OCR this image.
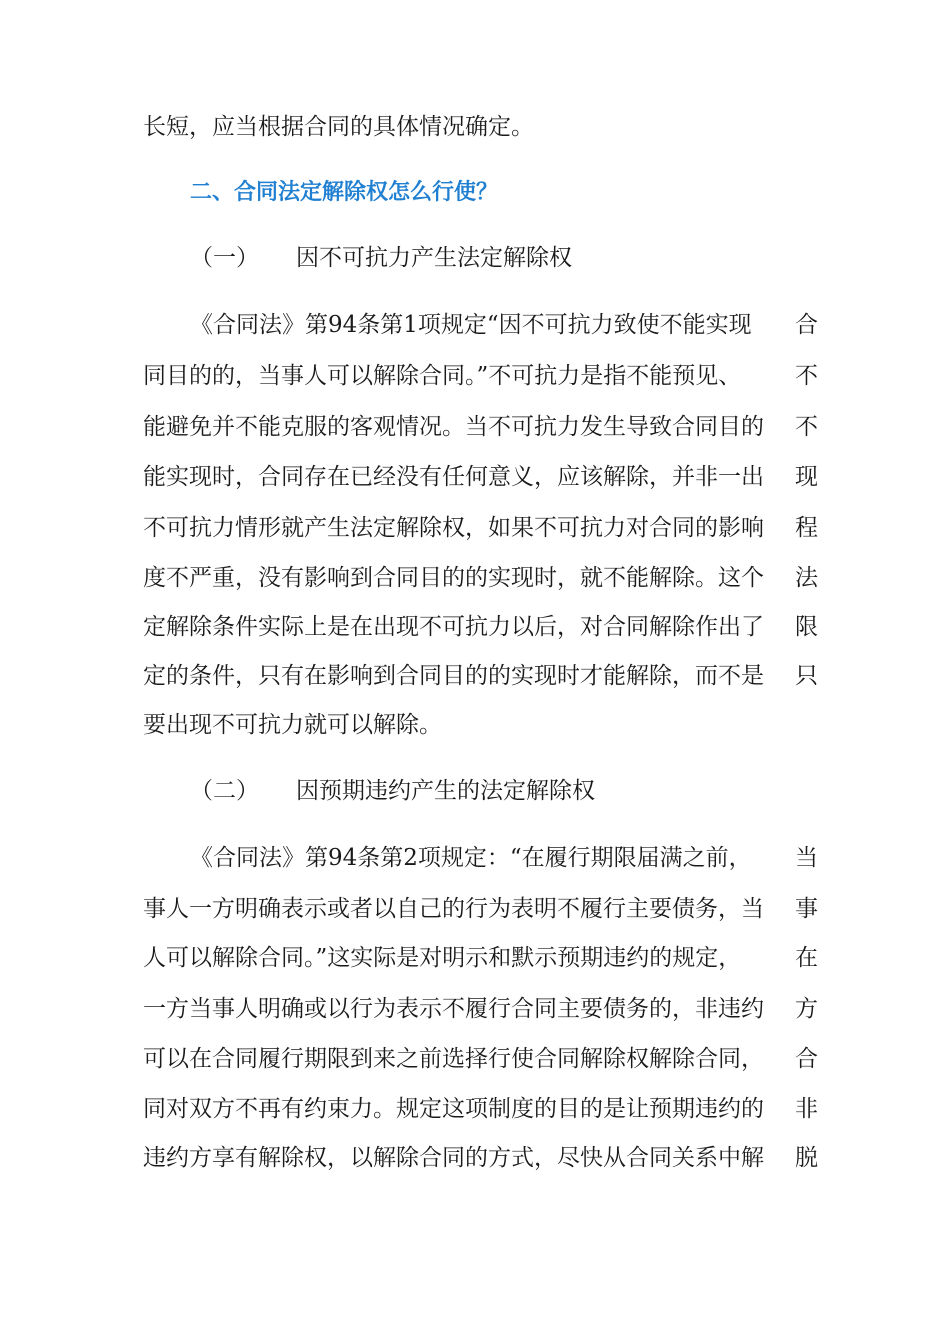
长短，应当根据合同的具体情况确定。
二、合同法定解除权怎么行使？
（一） 因不可抗力产生法定解除权
《合同法》第94条第1项规定“因不可抗力致使不能实现 合
同目的的，当事人可以解除合同。”不可抗力是指不能预见、 不
能避免并不能克服的客观情况。当不可抗力发生导致合同目的 不
能实现时，合同存在已经没有任何意义，应该解除，并非一出 现
不可抗力情形就产生法定解除权，如果不可抗力对合同的影响 程
度不严重，没有影响到合同目的的实现时，就不能解除。这个 法
定解除条件实际上是在出现不可抗力以后，对合同解除作出了 限
定的条件，只有在影响到合同目的的实现时才能解除，而不是 只
要出现不可抗力就可以解除。
（二） 因预期违约产生的法定解除权
《合同法》第94条第2项规定：“在履行期限届满之前， 当
事人一方明确表示或者以自己的行为表明不履行主要债务，当 事
人可以解除合同。”这实际是对明示和默示预期违约的规定， 在
一方当事人明确或以行为表示不履行合同主要债务的，非违约 方
可以在合同履行期限到来之前选择行使合同解除权解除合同， 合
同对双方不再有约束力。规定这项制度的目的是让预期违约的 非
违约方享有解除权，以解除合同的方式，尽快从合同关系中解 脱
